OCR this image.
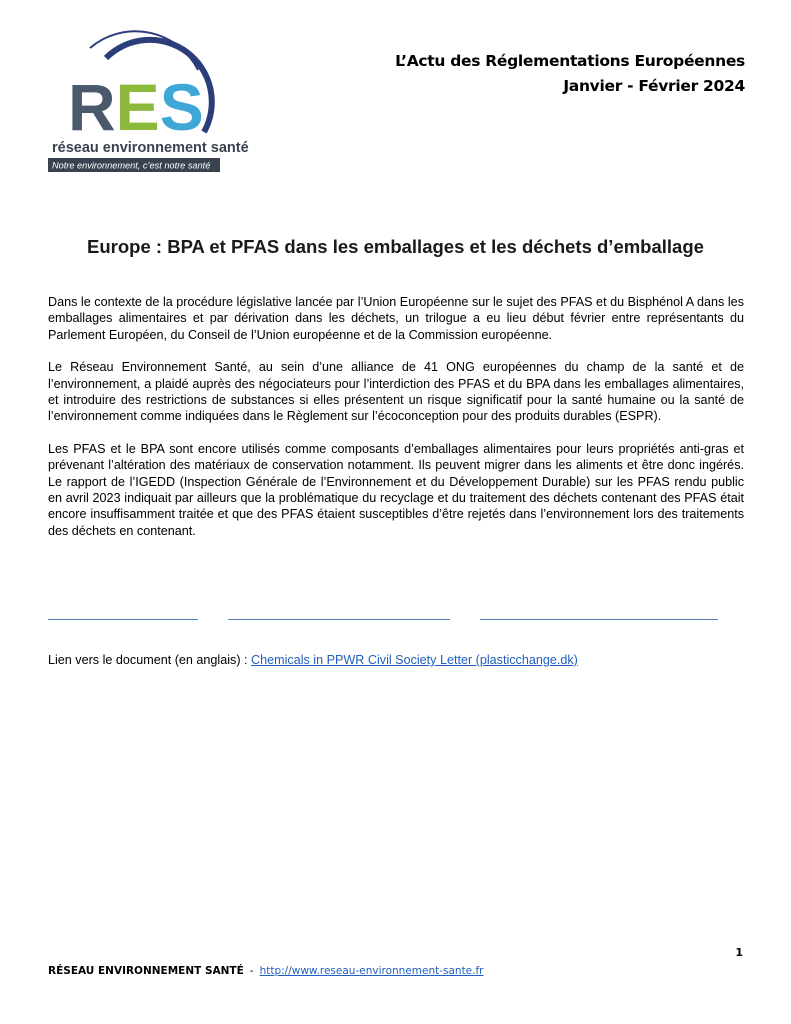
RES
réseau environnement santé
Notre environnement, c’est notre santé
L’Actu des Réglementations Européennes
Janvier - Février 2024
Europe : BPA et PFAS dans les emballages et les déchets d’emballage

Dans le contexte de la procédure législative lancée par l’Union Européenne sur le sujet des PFAS et du Bisphénol A dans les emballages alimentaires et par dérivation dans les déchets, un trilogue a eu lieu début février entre représentants du Parlement Européen, du Conseil de l’Union européenne et de la Commission européenne.

Le Réseau Environnement Santé, au sein d’une alliance de 41 ONG européennes du champ de la santé et de l’environnement, a plaidé auprès des négociateurs pour l’interdiction des PFAS et du BPA dans les emballages alimentaires, et introduire des restrictions de substances si elles présentent un risque significatif pour la santé humaine ou la santé de l’environnement comme indiquées dans le Règlement sur l’écoconception pour des produits durables (ESPR).

Les PFAS et le BPA sont encore utilisés comme composants d’emballages alimentaires pour leurs propriétés anti-gras et prévenant l’altération des matériaux de conservation notamment. Ils peuvent migrer dans les aliments et être donc ingérés. Le rapport de l’IGEDD (Inspection Générale de l’Environnement et du Développement Durable) sur les PFAS rendu public en avril 2023 indiquait par ailleurs que la problématique du recyclage et du traitement des déchets contenant des PFAS était encore insuffisamment traitée et que des PFAS étaient susceptibles d’être rejetés dans l’environnement lors des traitements des déchets en contenant.

Lien vers le document (en anglais) : Chemicals in PPWR Civil Society Letter (plasticchange.dk)
1
RÉSEAU ENVIRONNEMENT SANTÉ - http://www.reseau-environnement-sante.fr
